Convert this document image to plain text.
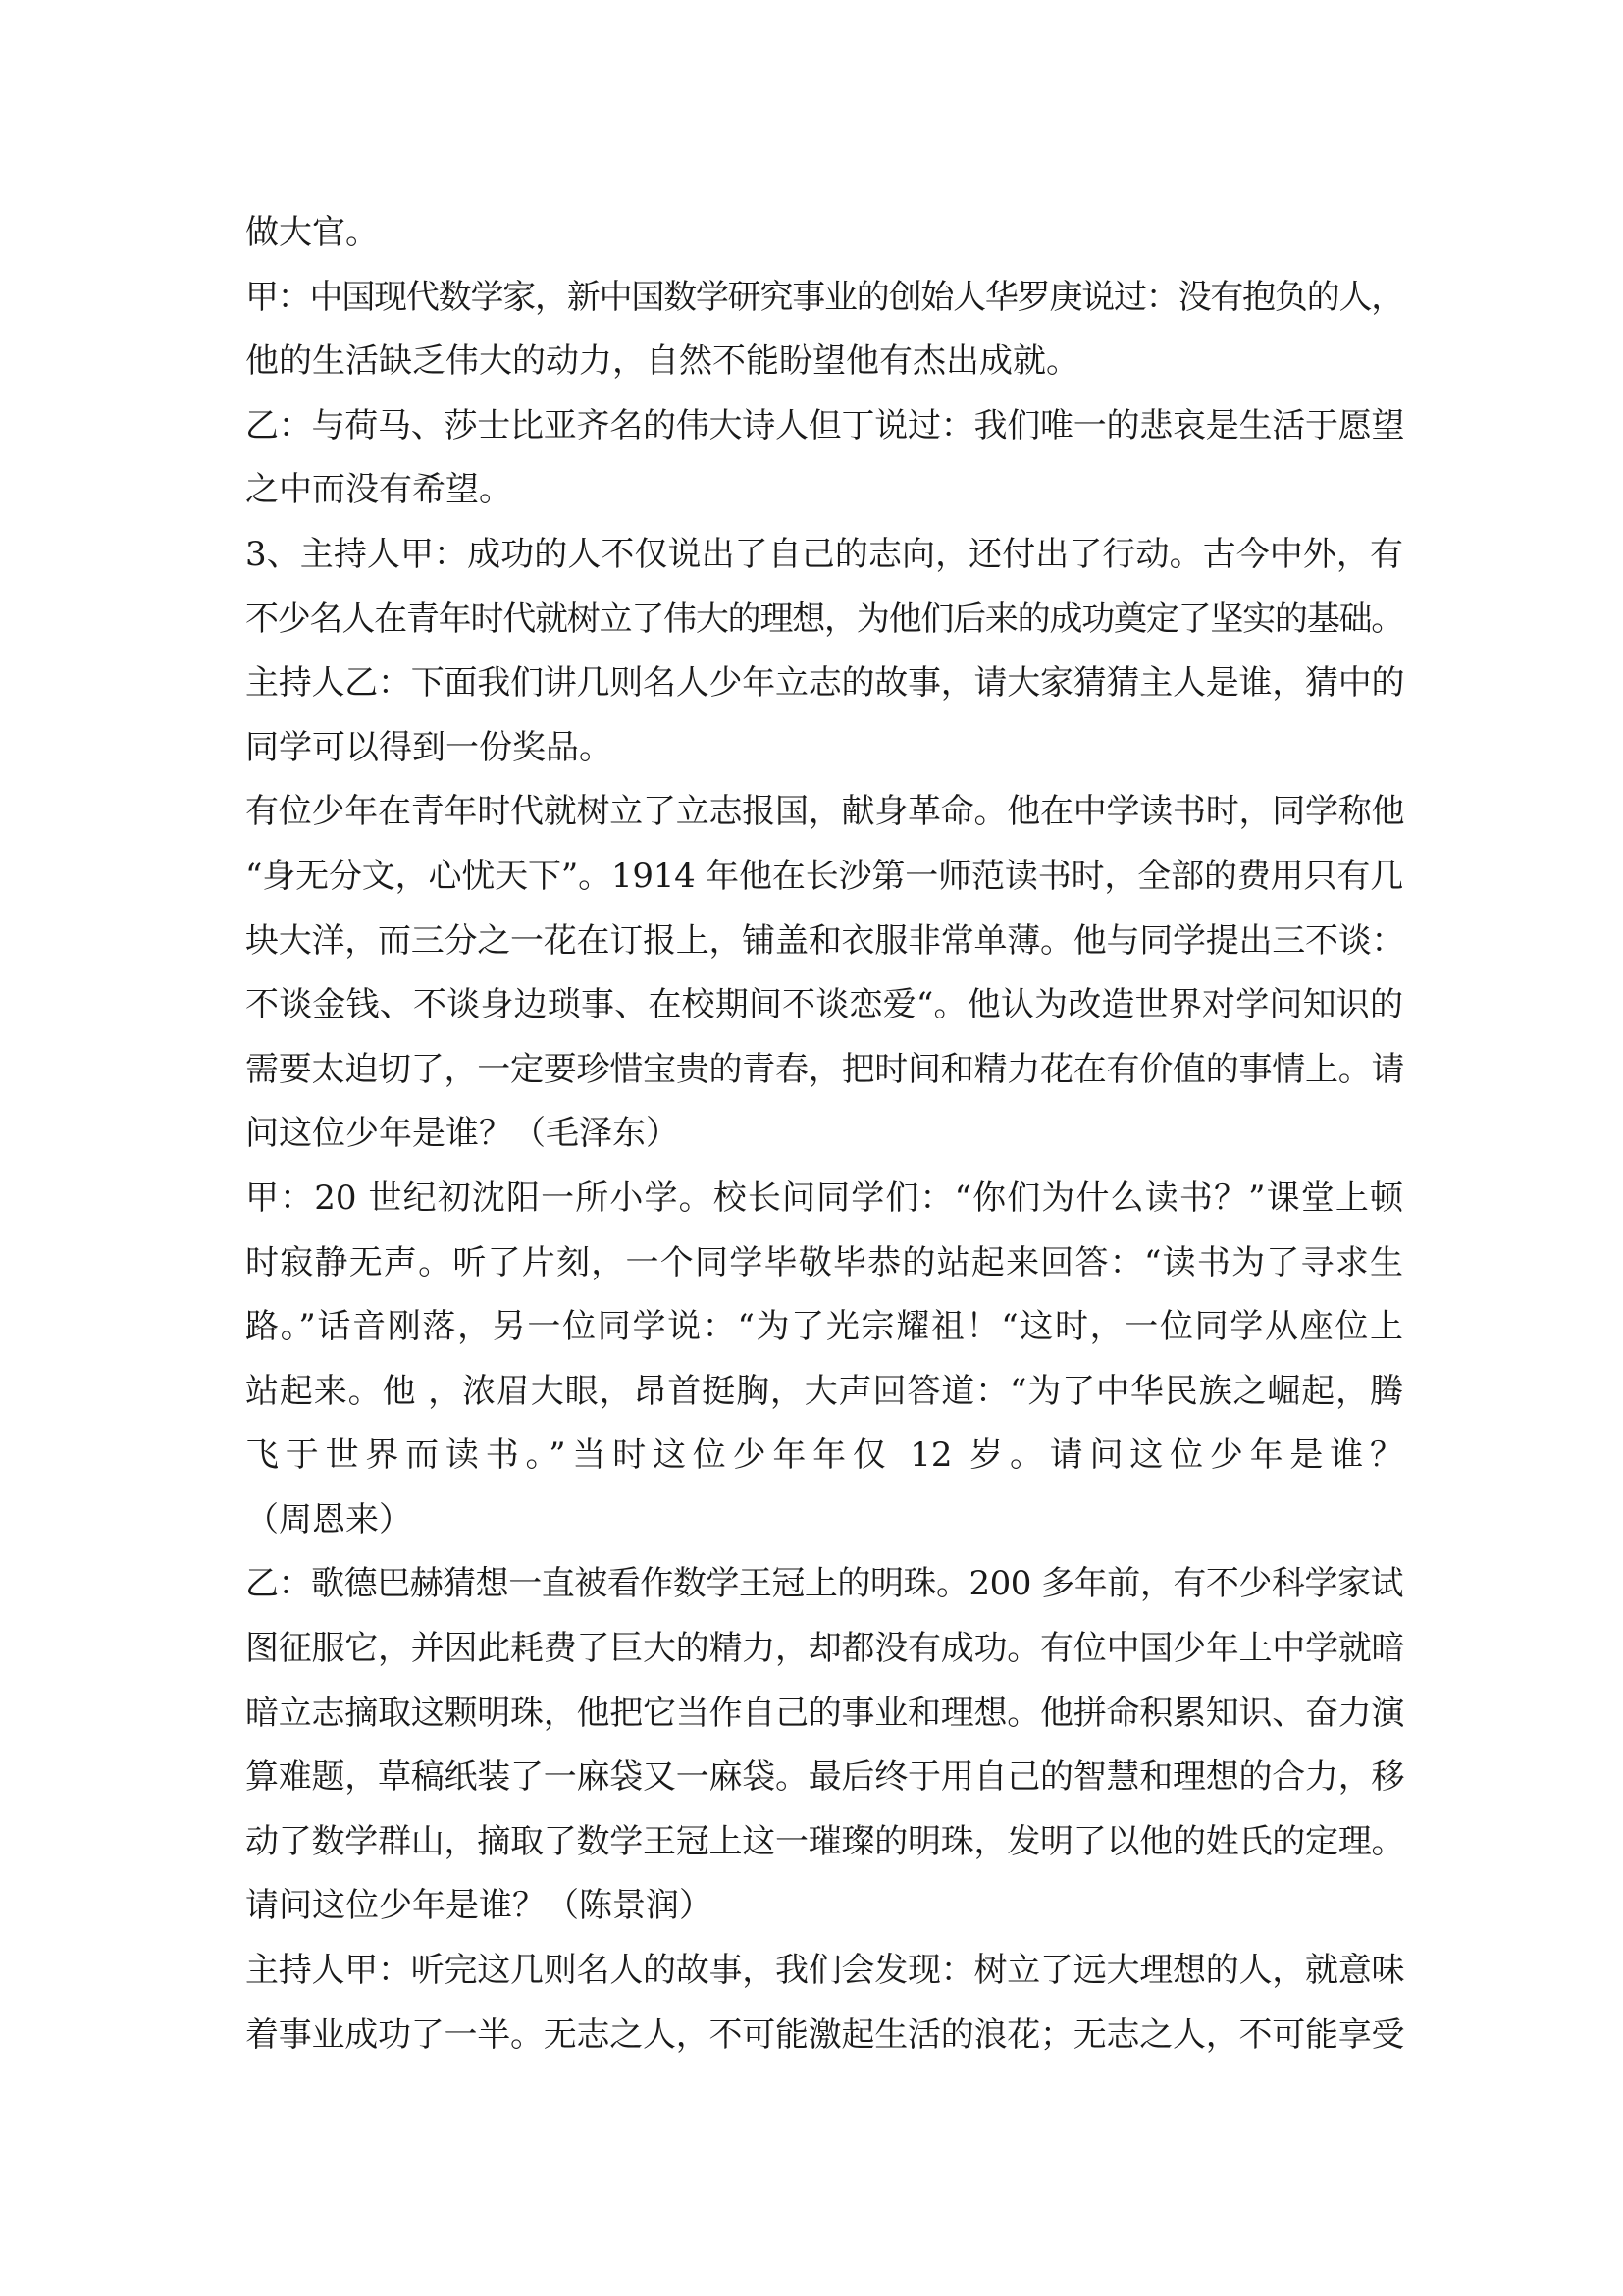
做大官。
甲：中国现代数学家，新中国数学研究事业的创始人华罗庚说过：没有抱负的人，
他的生活缺乏伟大的动力，自然不能盼望他有杰出成就。
乙：与荷马、莎士比亚齐名的伟大诗人但丁说过：我们唯一的悲哀是生活于愿望
之中而没有希望。
3、主持人甲：成功的人不仅说出了自己的志向，还付出了行动。古今中外，有
不少名人在青年时代就树立了伟大的理想，为他们后来的成功奠定了坚实的基础。
主持人乙：下面我们讲几则名人少年立志的故事，请大家猜猜主人是谁，猜中的
同学可以得到一份奖品。
有位少年在青年时代就树立了立志报国，献身革命。他在中学读书时，同学称他
“身无分文，心忧天下”。1914 年他在长沙第一师范读书时，全部的费用只有几
块大洋，而三分之一花在订报上，铺盖和衣服非常单薄。他与同学提出三不谈：
不谈金钱、不谈身边琐事、在校期间不谈恋爱“。他认为改造世界对学问知识的
需要太迫切了，一定要珍惜宝贵的青春，把时间和精力花在有价值的事情上。请
问这位少年是谁？（毛泽东）
甲：20 世纪初沈阳一所小学。校长问同学们：“你们为什么读书？”课堂上顿
时寂静无声。听了片刻，一个同学毕敬毕恭的站起来回答：“读书为了寻求生
路。”话音刚落，另一位同学说：“为了光宗耀祖！“这时，一位同学从座位上
站起来。他 ，浓眉大眼，昂首挺胸，大声回答道：“为了中华民族之崛起，腾
飞于世界而读书。”当时这位少年年仅 12 岁。请问这位少年是谁？
（周恩来）
乙：歌德巴赫猜想一直被看作数学王冠上的明珠。200 多年前，有不少科学家试
图征服它，并因此耗费了巨大的精力，却都没有成功。有位中国少年上中学就暗
暗立志摘取这颗明珠，他把它当作自己的事业和理想。他拼命积累知识、奋力演
算难题，草稿纸装了一麻袋又一麻袋。最后终于用自己的智慧和理想的合力，移
动了数学群山，摘取了数学王冠上这一璀璨的明珠，发明了以他的姓氏的定理。
请问这位少年是谁？（陈景润）
主持人甲：听完这几则名人的故事，我们会发现：树立了远大理想的人，就意味
着事业成功了一半。无志之人，不可能激起生活的浪花；无志之人，不可能享受
